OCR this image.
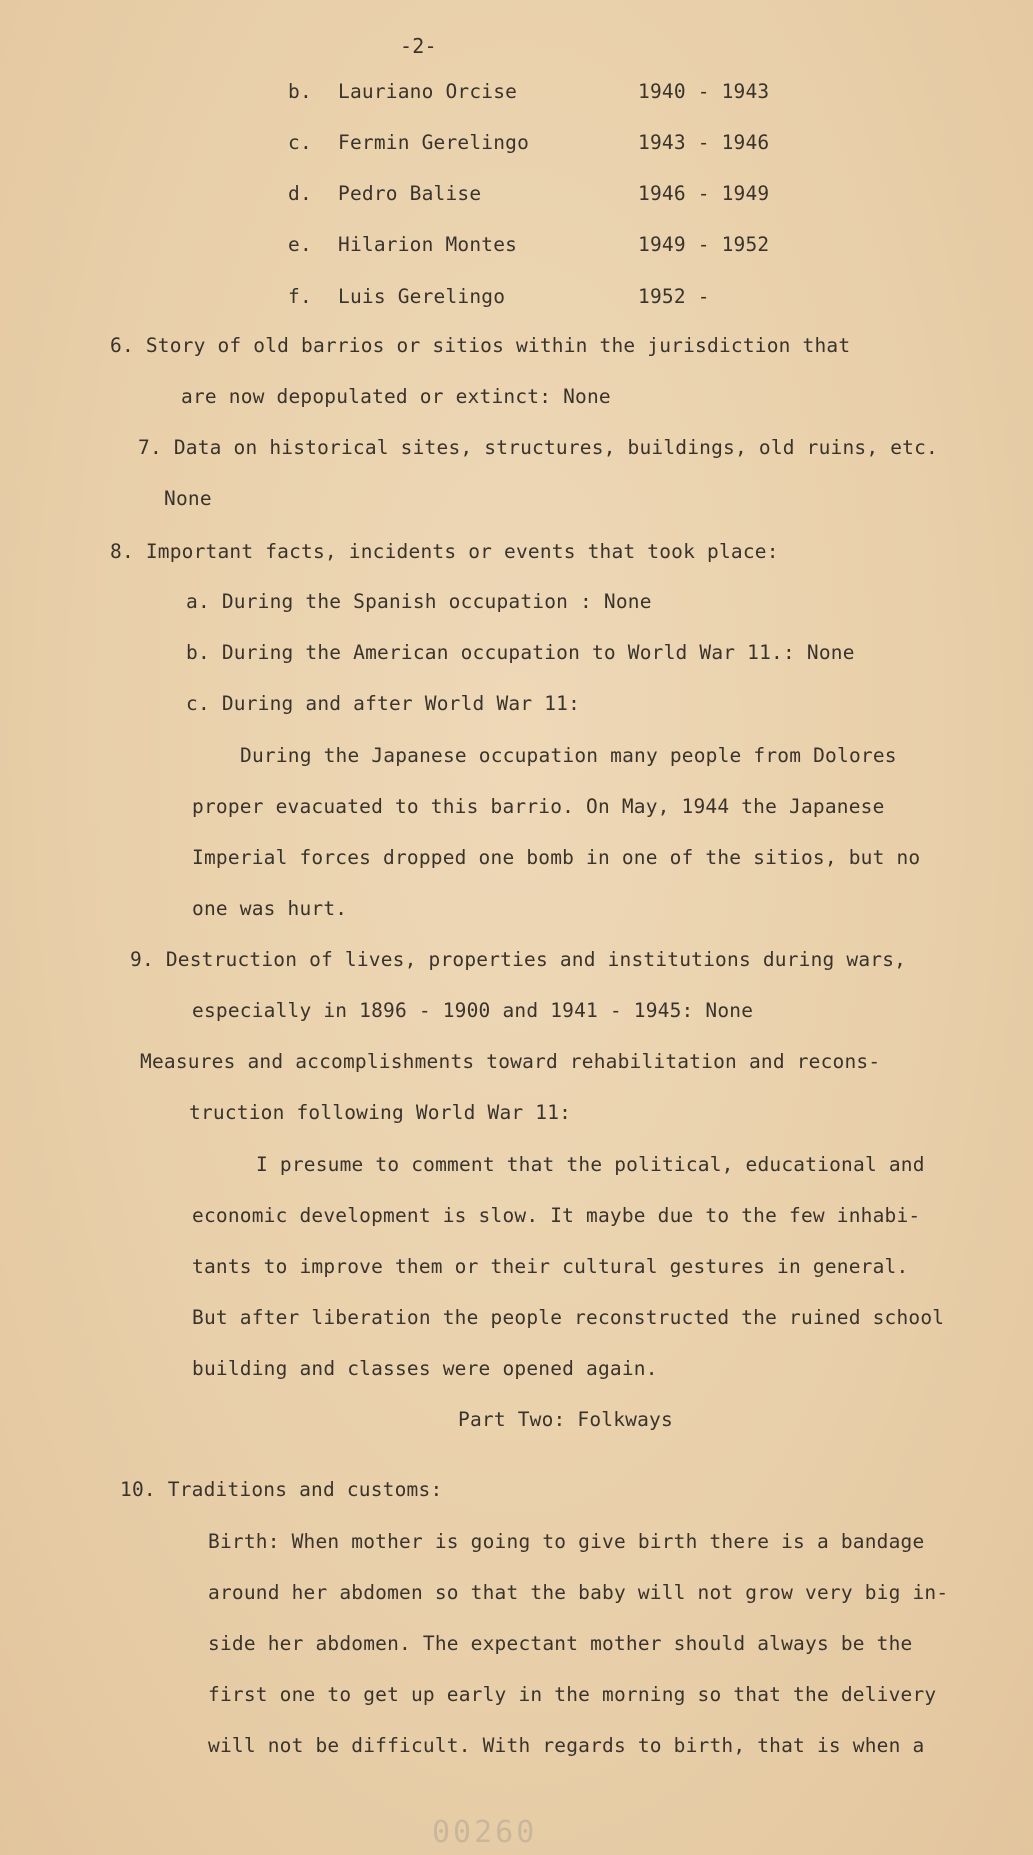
-2-
b. Lauriano Orcise	1940 - 1943
c. Fermin Gerelingo	1943 - 1946
d. Pedro Balise	1946 - 1949
e. Hilarion Montes	1949 - 1952
f. Luis Gerelingo	1952 -
6. Story of old barrios or sitios within the jurisdiction that
are now depopulated or extinct: None
7. Data on historical sites, structures, buildings, old ruins, etc.
None
8. Important facts, incidents or events that took place:
a. During the Spanish occupation : None
b. During the American occupation to World War 11.: None
c. During and after World War 11:
During the Japanese occupation many people from Dolores
proper evacuated to this barrio. On May, 1944 the Japanese
Imperial forces dropped one bomb in one of the sitios, but no
one was hurt.
9. Destruction of lives, properties and institutions during wars,
especially in 1896 - 1900 and 1941 - 1945: None
Measures and accomplishments toward rehabilitation and recons-
truction following World War 11:
I presume to comment that the political, educational and
economic development is slow. It maybe due to the few inhabi-
tants to improve them or their cultural gestures in general.
But after liberation the people reconstructed the ruined school
building and classes were opened again.
Part Two: Folkways
10. Traditions and customs:
Birth: When mother is going to give birth there is a bandage
around her abdomen so that the baby will not grow very big in-
side her abdomen. The expectant mother should always be the
first one to get up early in the morning so that the delivery
will not be difficult. With regards to birth, that is when a
00260
